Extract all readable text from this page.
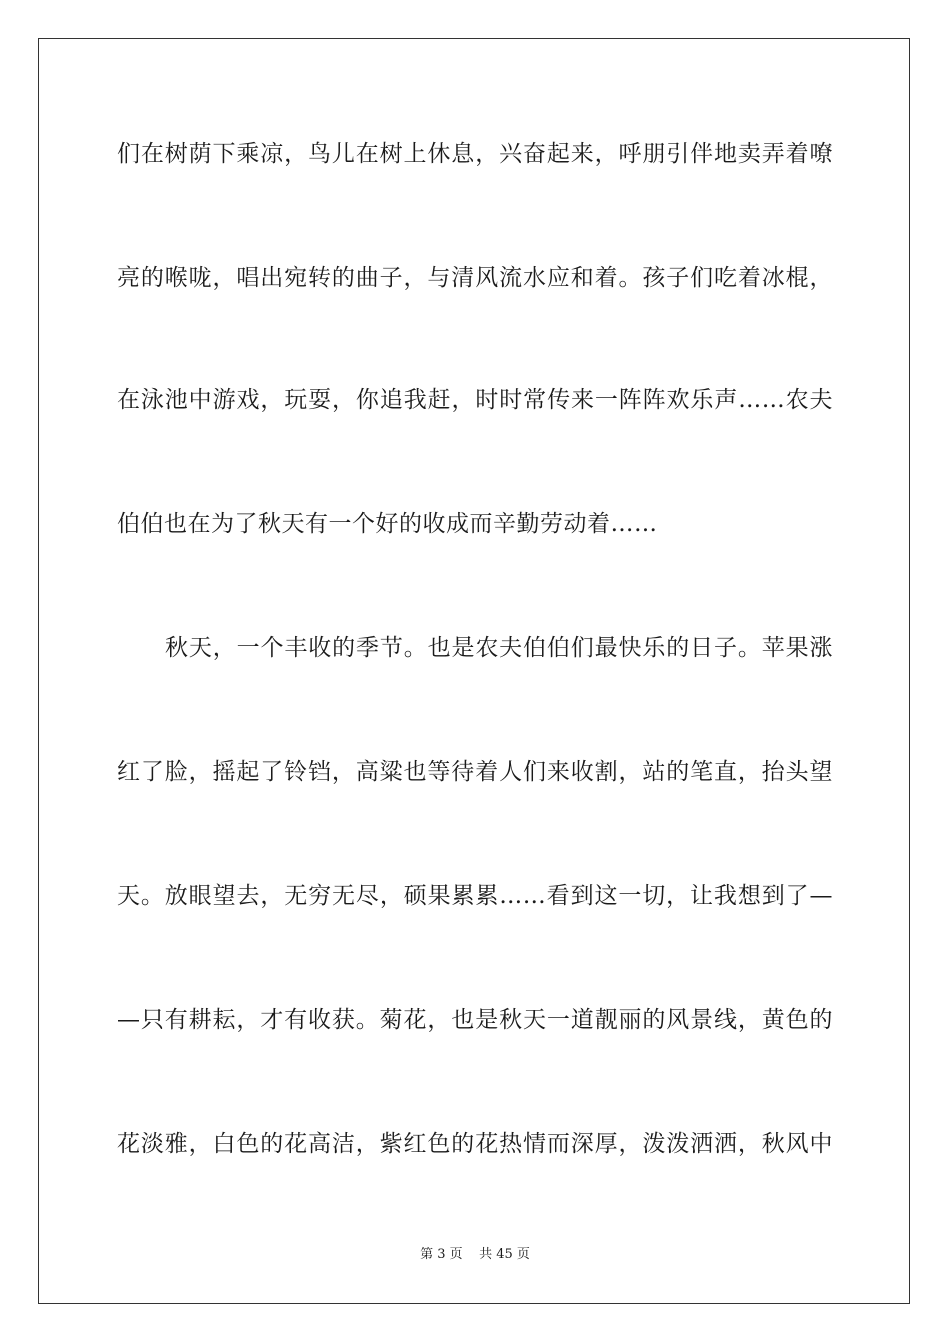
们在树荫下乘凉，鸟儿在树上休息，兴奋起来，呼朋引伴地卖弄着嘹
亮的喉咙，唱出宛转的曲子，与清风流水应和着。孩子们吃着冰棍，
在泳池中游戏，玩耍，你追我赶，时时常传来一阵阵欢乐声……农夫
伯伯也在为了秋天有一个好的收成而辛勤劳动着……
秋天，一个丰收的季节。也是农夫伯伯们最快乐的日子。苹果涨
红了脸，摇起了铃铛，高粱也等待着人们来收割，站的笔直，抬头望
天。放眼望去，无穷无尽，硕果累累……看到这一切，让我想到了—
—只有耕耘，才有收获。菊花，也是秋天一道靓丽的风景线，黄色的
花淡雅，白色的花高洁，紫红色的花热情而深厚，泼泼洒洒，秋风中
第 3 页    共 45 页
